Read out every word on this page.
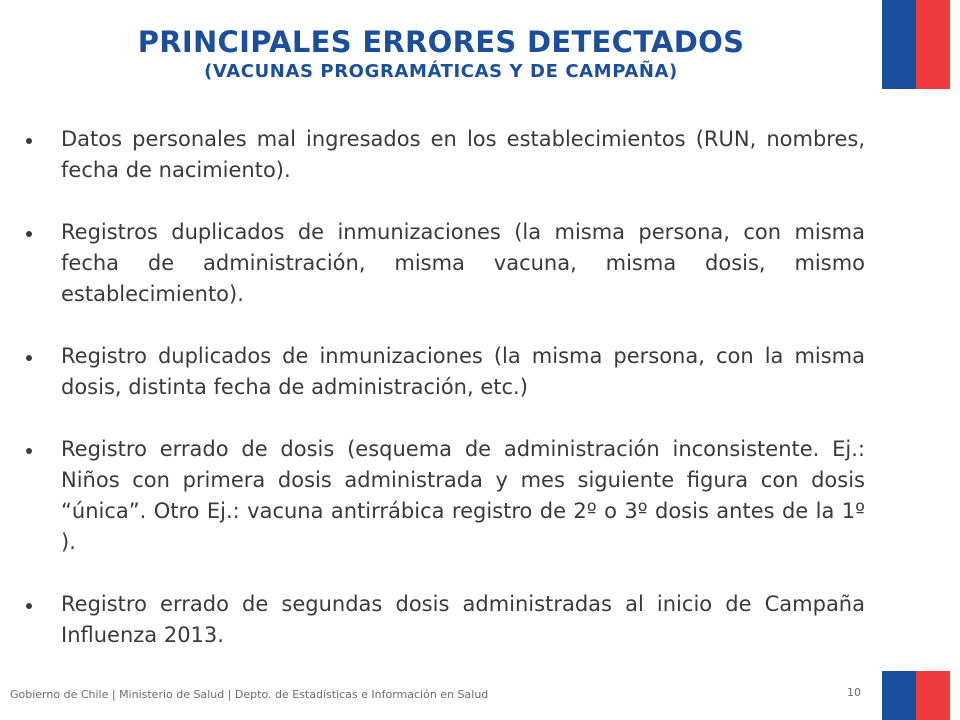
PRINCIPALES ERRORES DETECTADOS
(VACUNAS PROGRAMÁTICAS Y DE CAMPAÑA)
Datos personales mal ingresados en los establecimientos (RUN, nombres, fecha de nacimiento).
Registros duplicados de inmunizaciones (la misma persona, con misma fecha de administración, misma vacuna, misma dosis, mismo establecimiento).
Registro duplicados de inmunizaciones (la misma persona, con la misma dosis, distinta fecha de administración, etc.)
Registro errado de dosis (esquema de administración inconsistente. Ej.: Niños con primera dosis administrada y mes siguiente figura con dosis “única”. Otro Ej.: vacuna antirrábica registro de 2º o 3º dosis antes de la 1º ).
Registro errado de segundas dosis administradas al inicio de Campaña Influenza 2013.
Gobierno de Chile | Ministerio de Salud | Depto. de Estadísticas e Información en Salud	10
